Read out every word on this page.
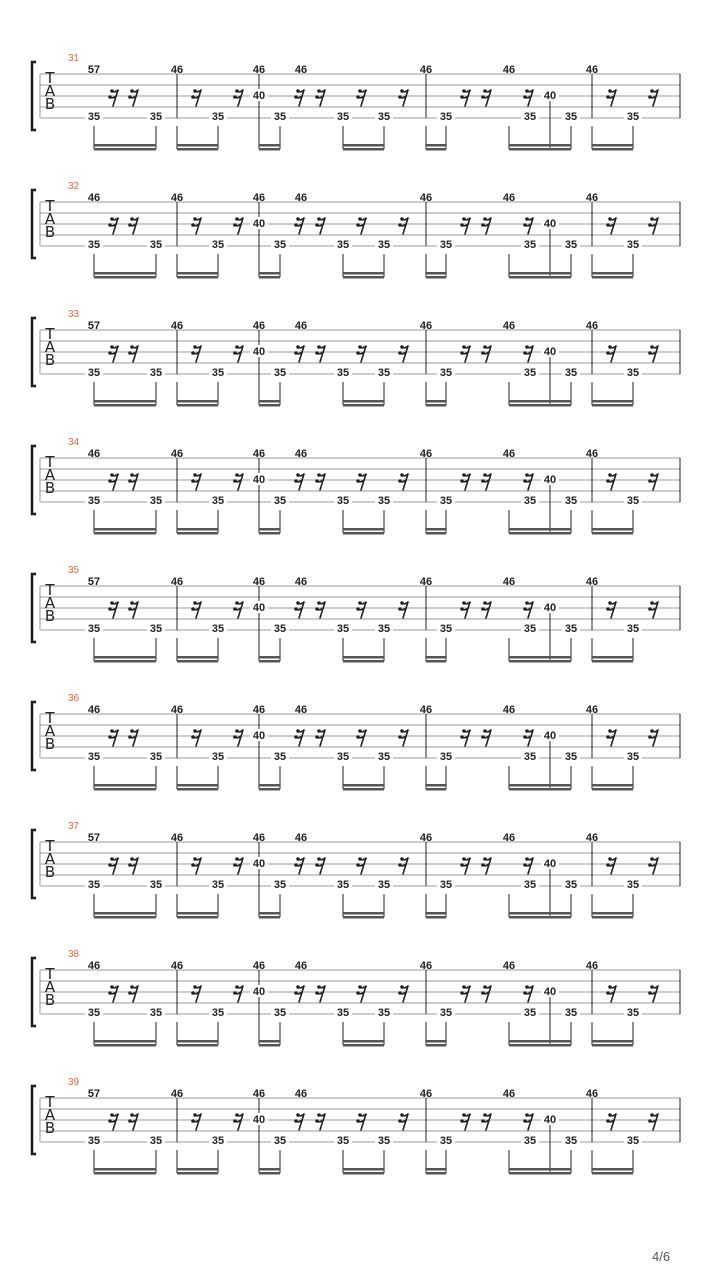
T
A
B
31
57
35	35
46
35
46
40
35
46
35	35
46
35
46
35
40
35
46
35
T
A
B
32
46
35	35
46
35
46
40
35
46
35	35
46
35
46
35
40
35
46
35
T
A
B
33
57
35	35
46
35
46
40
35
46
35	35
46
35
46
35
40
35
46
35
T
A
B
34
46
35	35
46
35
46
40
35
46
35	35
46
35
46
35
40
35
46
35
T
A
B
35
57
35	35
46
35
46
40
35
46
35	35
46
35
46
35
40
35
46
35
T
A
B
36
46
35	35
46
35
46
40
35
46
35	35
46
35
46
35
40
35
46
35
T
A
B
37
57
35	35
46
35
46
40
35
46
35	35
46
35
46
35
40
35
46
35
T
A
B
38
46
35	35
46
35
46
40
35
46
35	35
46
35
46
35
40
35
46
35
T
A
B
39
57
35	35
46
35
46
40
35
46
35	35
46
35
46
35
40
35
46
35
4/6
